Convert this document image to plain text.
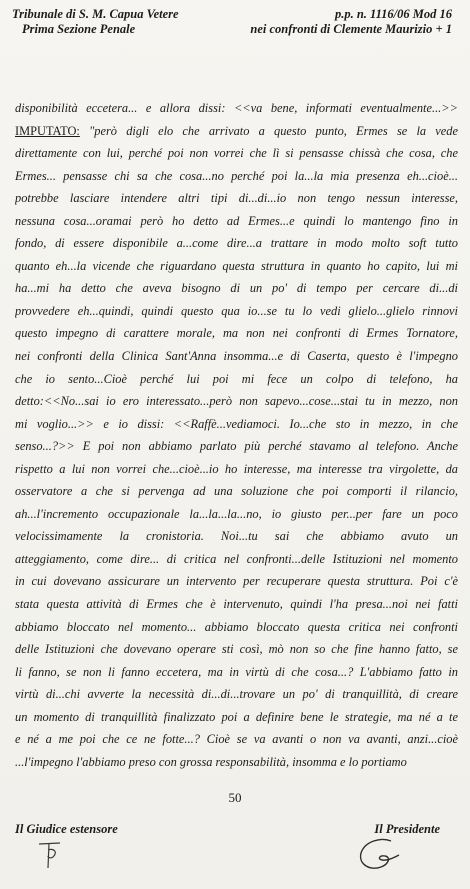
Tribunale di S. M. Capua Vetere
Prima Sezione Penale
p.p. n. 1116/06 Mod 16
nei confronti di Clemente Maurizio + 1
disponibilità eccetera... e allora dissi: <<va bene, informati eventualmente...>>
IMPUTATO: "però digli elo che arrivato a questo punto, Ermes se la vede
direttamente con lui, perché poi non vorrei che lì si pensasse chissà che cosa, che
Ermes... pensasse chi sa che cosa...no perché poi la...la mia presenza eh...cioè...
potrebbe lasciare intendere altri tipi di...di...io non tengo nessun interesse,
nessuna cosa...oramai però ho detto ad Ermes...e quindi lo mantengo fino in
fondo, di essere disponibile a...come dire...a trattare in modo molto soft tutto
quanto eh...la vicende che riguardano questa struttura in quanto ho capito, lui mi
ha...mi ha detto che aveva bisogno di un po' di tempo per cercare di...di
provvedere eh...quindi, quindi questo qua io...se tu lo vedi glielo...glielo rinnovi
questo impegno di carattere morale, ma non nei confronti di Ermes Tornatore,
nei confronti della Clinica Sant'Anna insomma...e di Caserta, questo è l'impegno
che io sento...Cioè perché lui poi mi fece un colpo di telefono, ha
detto:<<No...sai io ero interessato...però non sapevo...cose...stai tu in mezzo, non
mi voglio...>> e io dissi: <<Raffè...vediamoci. Io...che sto in mezzo, in che
senso...?>> E poi non abbiamo parlato più perché stavamo al telefono. Anche
rispetto a lui non vorrei che...cioè...io ho interesse, ma interesse tra virgolette, da
osservatore a che si pervenga ad una soluzione che poi comporti il rilancio,
ah...l'incremento occupazionale la...la...la...no, io giusto per...per fare un poco
velocissimamente la cronistoria. Noi...tu sai che abbiamo avuto un
atteggiamento, come dire... di critica nel confronti...delle Istituzioni nel momento
in cui dovevano assicurare un intervento per recuperare questa struttura. Poi c'è
stata questa attività di Ermes che è intervenuto, quindi l'ha presa...noi nei fatti
abbiamo bloccato nel momento... abbiamo bloccato questa critica nei confronti
delle Istituzioni che dovevano operare sti così, mò non so che fine hanno fatto, se
li fanno, se non li fanno eccetera, ma in virtù di che cosa...? L'abbiamo fatto in
virtù di...chi avverte la necessità di...di...trovare un po' di tranquillità, di creare
un momento di tranquillità finalizzato poi a definire bene le strategie, ma né a te
e né a me poi che ce ne fotte...? Cioè se va avanti o non va avanti, anzi...cioè
...l'impegno l'abbiamo preso con grossa responsabilità, insomma e lo portiamo
50
Il Giudice estensore	Il Presidente
